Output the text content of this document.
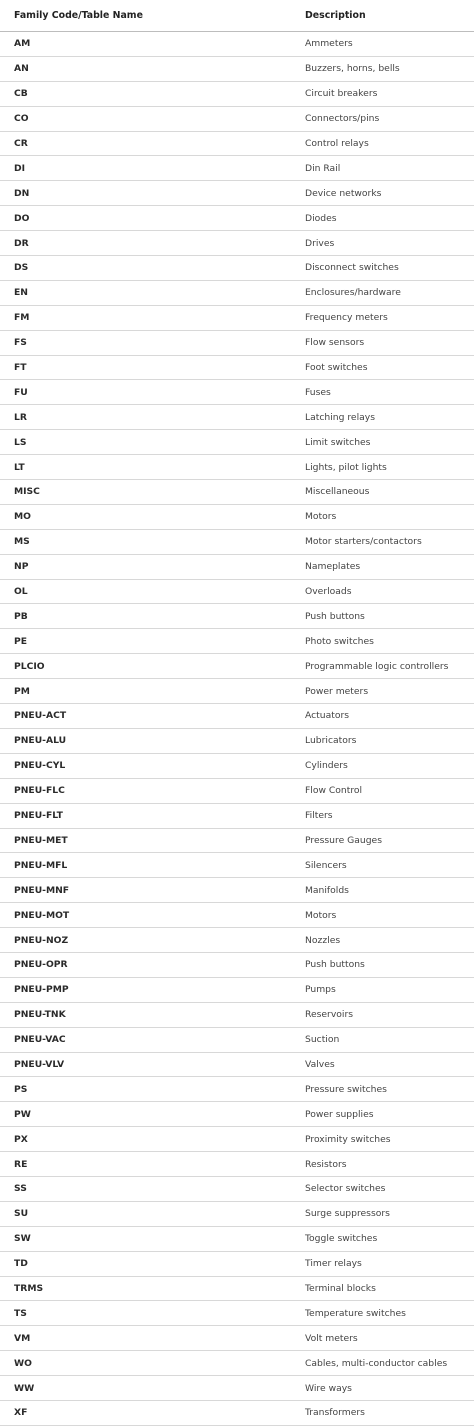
Family Code/Table Name	Description
AM	Ammeters
AN	Buzzers, horns, bells
CB	Circuit breakers
CO	Connectors/pins
CR	Control relays
DI	Din Rail
DN	Device networks
DO	Diodes
DR	Drives
DS	Disconnect switches
EN	Enclosures/hardware
FM	Frequency meters
FS	Flow sensors
FT	Foot switches
FU	Fuses
LR	Latching relays
LS	Limit switches
LT	Lights, pilot lights
MISC	Miscellaneous
MO	Motors
MS	Motor starters/contactors
NP	Nameplates
OL	Overloads
PB	Push buttons
PE	Photo switches
PLCIO	Programmable logic controllers
PM	Power meters
PNEU-ACT	Actuators
PNEU-ALU	Lubricators
PNEU-CYL	Cylinders
PNEU-FLC	Flow Control
PNEU-FLT	Filters
PNEU-MET	Pressure Gauges
PNEU-MFL	Silencers
PNEU-MNF	Manifolds
PNEU-MOT	Motors
PNEU-NOZ	Nozzles
PNEU-OPR	Push buttons
PNEU-PMP	Pumps
PNEU-TNK	Reservoirs
PNEU-VAC	Suction
PNEU-VLV	Valves
PS	Pressure switches
PW	Power supplies
PX	Proximity switches
RE	Resistors
SS	Selector switches
SU	Surge suppressors
SW	Toggle switches
TD	Timer relays
TRMS	Terminal blocks
TS	Temperature switches
VM	Volt meters
WO	Cables, multi-conductor cables
WW	Wire ways
XF	Transformers
